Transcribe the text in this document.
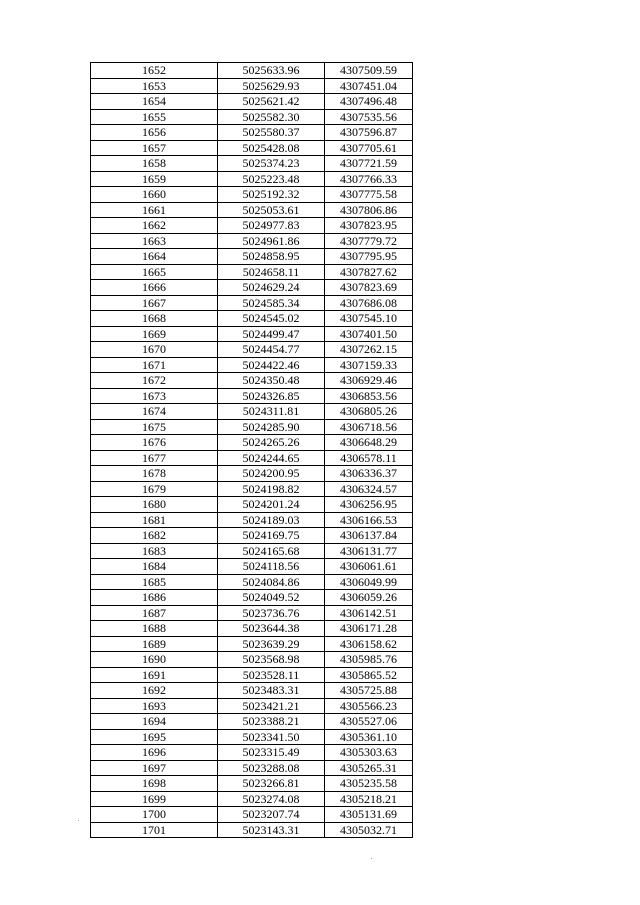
1652	5025633.96	4307509.59
1653	5025629.93	4307451.04
1654	5025621.42	4307496.48
1655	5025582.30	4307535.56
1656	5025580.37	4307596.87
1657	5025428.08	4307705.61
1658	5025374.23	4307721.59
1659	5025223.48	4307766.33
1660	5025192.32	4307775.58
1661	5025053.61	4307806.86
1662	5024977.83	4307823.95
1663	5024961.86	4307779.72
1664	5024858.95	4307795.95
1665	5024658.11	4307827.62
1666	5024629.24	4307823.69
1667	5024585.34	4307686.08
1668	5024545.02	4307545.10
1669	5024499.47	4307401.50
1670	5024454.77	4307262.15
1671	5024422.46	4307159.33
1672	5024350.48	4306929.46
1673	5024326.85	4306853.56
1674	5024311.81	4306805.26
1675	5024285.90	4306718.56
1676	5024265.26	4306648.29
1677	5024244.65	4306578.11
1678	5024200.95	4306336.37
1679	5024198.82	4306324.57
1680	5024201.24	4306256.95
1681	5024189.03	4306166.53
1682	5024169.75	4306137.84
1683	5024165.68	4306131.77
1684	5024118.56	4306061.61
1685	5024084.86	4306049.99
1686	5024049.52	4306059.26
1687	5023736.76	4306142.51
1688	5023644.38	4306171.28
1689	5023639.29	4306158.62
1690	5023568.98	4305985.76
1691	5023528.11	4305865.52
1692	5023483.31	4305725.88
1693	5023421.21	4305566.23
1694	5023388.21	4305527.06
1695	5023341.50	4305361.10
1696	5023315.49	4305303.63
1697	5023288.08	4305265.31
1698	5023266.81	4305235.58
1699	5023274.08	4305218.21
1700	5023207.74	4305131.69
1701	5023143.31	4305032.71
